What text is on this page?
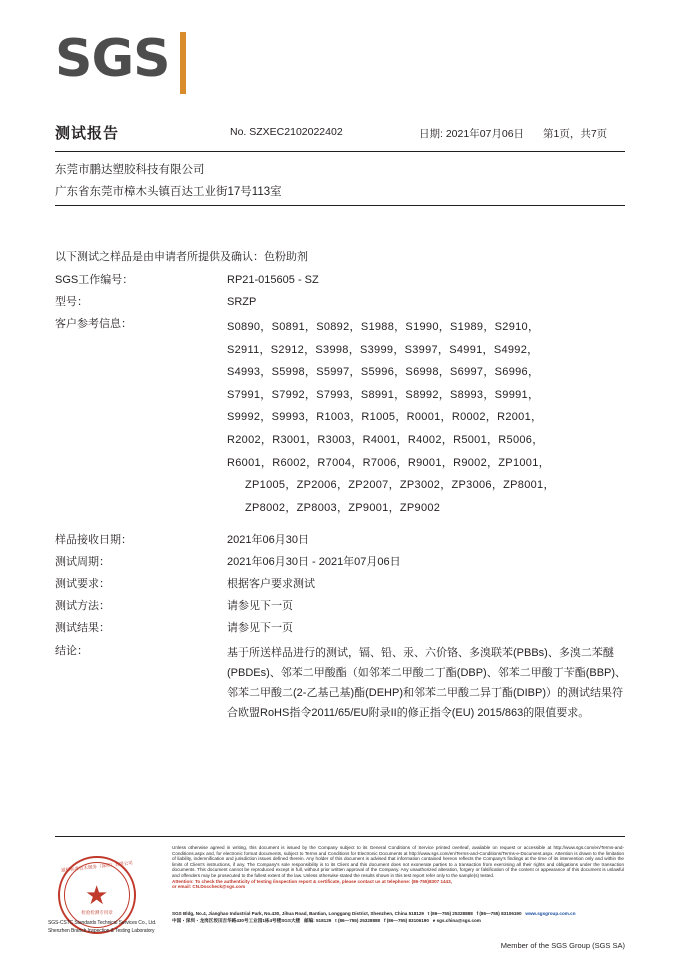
SGS
测试报告	No. SZXEC2102022402	日期: 2021年07月06日 第1页，共7页
东莞市鹏达塑胶科技有限公司
广东省东莞市樟木头镇百达工业街17号113室
以下测试之样品是由申请者所提供及确认：色粉助剂
SGS工作编号：	RP21-015605 - SZ
型号：	SRZP
客户参考信息：	S0890，S0891，S0892，S1988，S1990，S1989，S2910，
S2911，S2912，S3998，S3999，S3997，S4991，S4992，
S4993，S5998，S5997，S5996，S6998，S6997，S6996，
S7991，S7992，S7993，S8991，S8992，S8993，S9991，
S9992，S9993，R1003，R1005，R0001，R0002，R2001，
R2002，R3001，R3003，R4001，R4002，R5001，R5006，
R6001，R6002，R7004，R7006，R9001，R9002，ZP1001，
ZP1005，ZP2006，ZP2007，ZP3002，ZP3006，ZP8001，
ZP8002，ZP8003，ZP9001，ZP9002
样品接收日期：	2021年06月30日
测试周期：	2021年06月30日 - 2021年07月06日
测试要求：	根据客户要求测试
测试方法：	请参见下一页
测试结果：	请参见下一页
结论：	基于所送样品进行的测试，镉、铅、汞、六价铬、多溴联苯(PBBs)、多溴二苯醚(PBDEs)、邻苯二甲酸酯（如邻苯二甲酸二丁酯(DBP)、邻苯二甲酸丁苄酯(BBP)、邻苯二甲酸二(2-乙基己基)酯(DEHP)和邻苯二甲酸二异丁酯(DIBP)）的测试结果符合欧盟RoHS指令2011/65/EU附录II的修正指令(EU) 2015/863的限值要求。
通标标准技术服务（深圳）有限公司
★
检验检测专用章
SGS-CSTC Standards Technical Services Co., Ltd.
Shenzhen Branch Inspection & Testing Laboratory
Unless otherwise agreed in writing, this document is issued by the Company subject to its General Conditions of Service printed overleaf, available on request or accessible at http://www.sgs.com/en/Terms-and-Conditions.aspx and, for electronic format documents, subject to Terms and Conditions for Electronic Documents at http://www.sgs.com/en/Terms-and-Conditions/Terms-e-Document.aspx. Attention is drawn to the limitation of liability, indemnification and jurisdiction issues defined therein. Any holder of this document is advised that information contained hereon reflects the Company's findings at the time of its intervention only and within the limits of Client's instructions, if any. The Company's sole responsibility is to its Client and this document does not exonerate parties to a transaction from exercising all their rights and obligations under the transaction documents. This document cannot be reproduced except in full, without prior written approval of the Company. Any unauthorized alteration, forgery or falsification of the content or appearance of this document is unlawful and offenders may be prosecuted to the fullest extent of the law. Unless otherwise stated the results shown in this test report refer only to the sample(s) tested.
Attention: To check the authenticity of testing /inspection report & certificate, please contact us at telephone: (86-755)8307 1443,
or email: CN.Doccheck@sgs.com
SGS Bldg, No.4, Jianghao Industrial Park, No.430, Jihua Road, Bantian, Longgang District, Shenzhen, China 518129 t (86—755) 25328888 f (86—755) 83106190 www.sgsgroup.com.cn
中国・深圳・龙岗区坂田吉华路430号工业园1栋4号楼SGS大楼 邮编: 518129 t (86—755) 25328888 f (86—755) 83106190 e sgs.china@sgs.com
Member of the SGS Group (SGS SA)
